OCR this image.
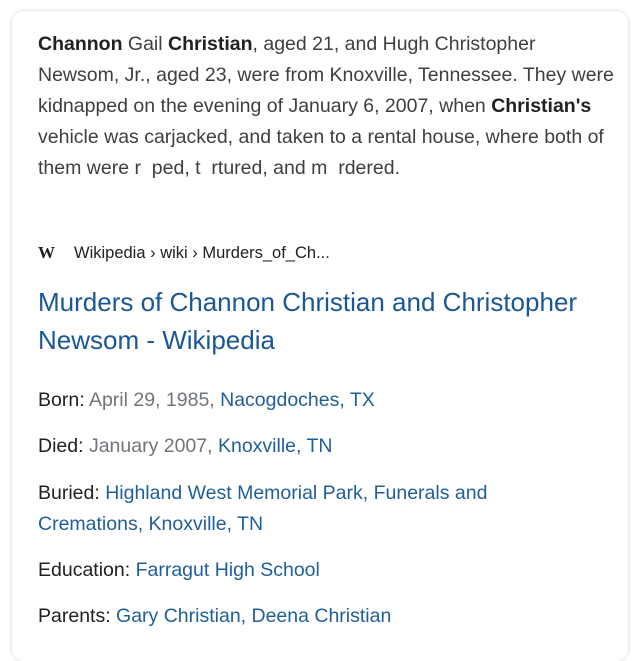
Channon Gail Christian, aged 21, and Hugh Christopher Newsom, Jr., aged 23, were from Knoxville, Tennessee. They were kidnapped on the evening of January 6, 2007, when Christian's vehicle was carjacked, and taken to a rental house, where both of them were r  ped, t  rtured, and m  rdered.
W Wikipedia › wiki › Murders_of_Ch...
Murders of Channon Christian and Christopher Newsom - Wikipedia
Born: April 29, 1985, Nacogdoches, TX
Died: January 2007, Knoxville, TN
Buried: Highland West Memorial Park, Funerals and Cremations, Knoxville, TN
Education: Farragut High School
Parents: Gary Christian, Deena Christian
